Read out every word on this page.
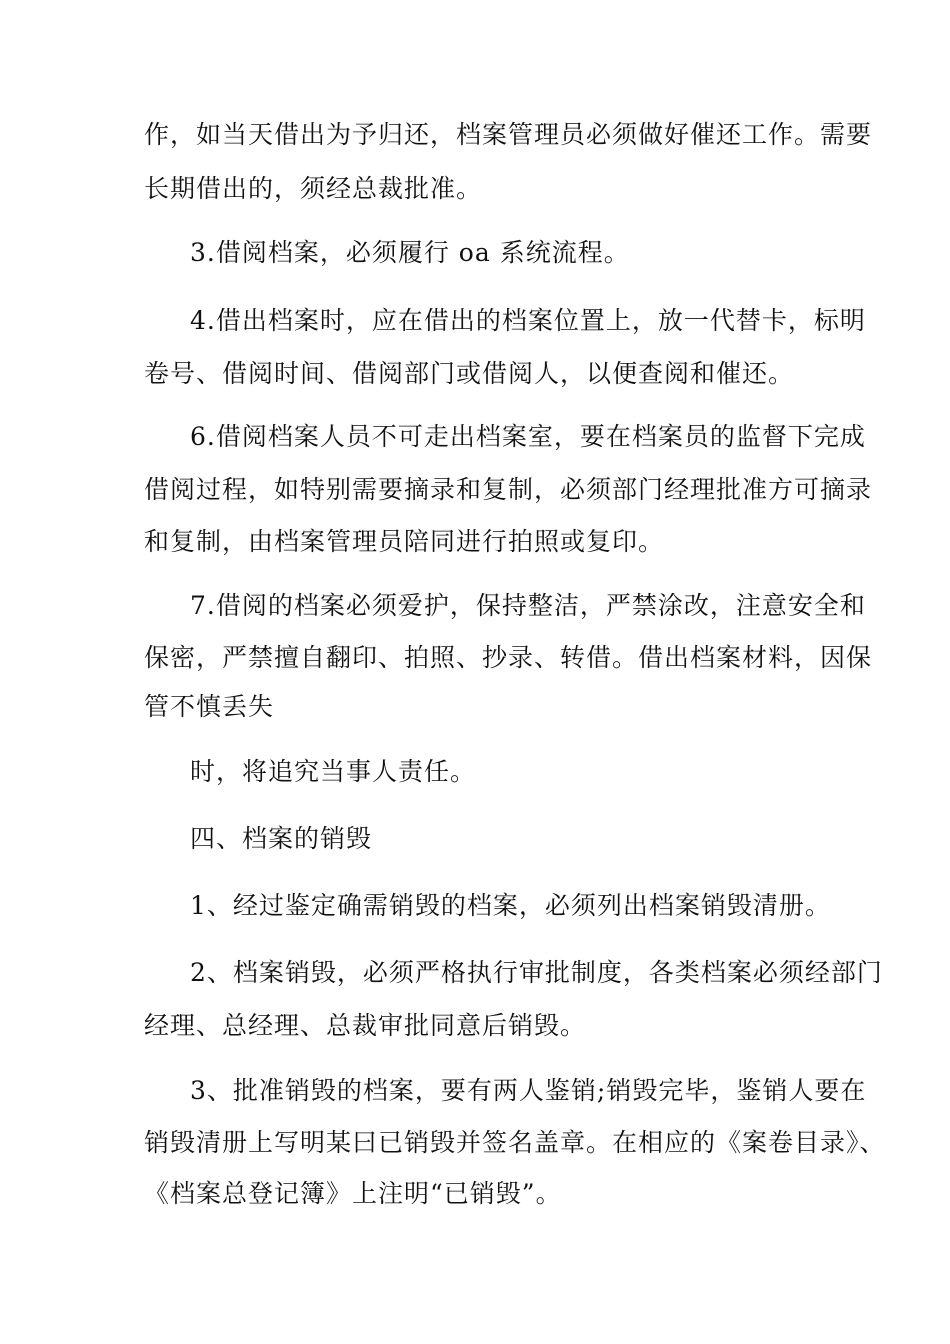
作，如当天借出为予归还，档案管理员必须做好催还工作。需要
长期借出的，须经总裁批准。
3.借阅档案，必须履行 oa 系统流程。
4.借出档案时，应在借出的档案位置上，放一代替卡，标明
卷号、借阅时间、借阅部门或借阅人，以便查阅和催还。
6.借阅档案人员不可走出档案室，要在档案员的监督下完成
借阅过程，如特别需要摘录和复制，必须部门经理批准方可摘录
和复制，由档案管理员陪同进行拍照或复印。
7.借阅的档案必须爱护，保持整洁，严禁涂改，注意安全和
保密，严禁擅自翻印、拍照、抄录、转借。借出档案材料，因保
管不慎丢失
时，将追究当事人责任。
四、档案的销毁
1、经过鉴定确需销毁的档案，必须列出档案销毁清册。
2、档案销毁，必须严格执行审批制度，各类档案必须经部门
经理、总经理、总裁审批同意后销毁。
3、批准销毁的档案，要有两人鉴销;销毁完毕，鉴销人要在
销毁清册上写明某曰已销毁并签名盖章。在相应的《案卷目录》、
《档案总登记簿》上注明“已销毁”。
